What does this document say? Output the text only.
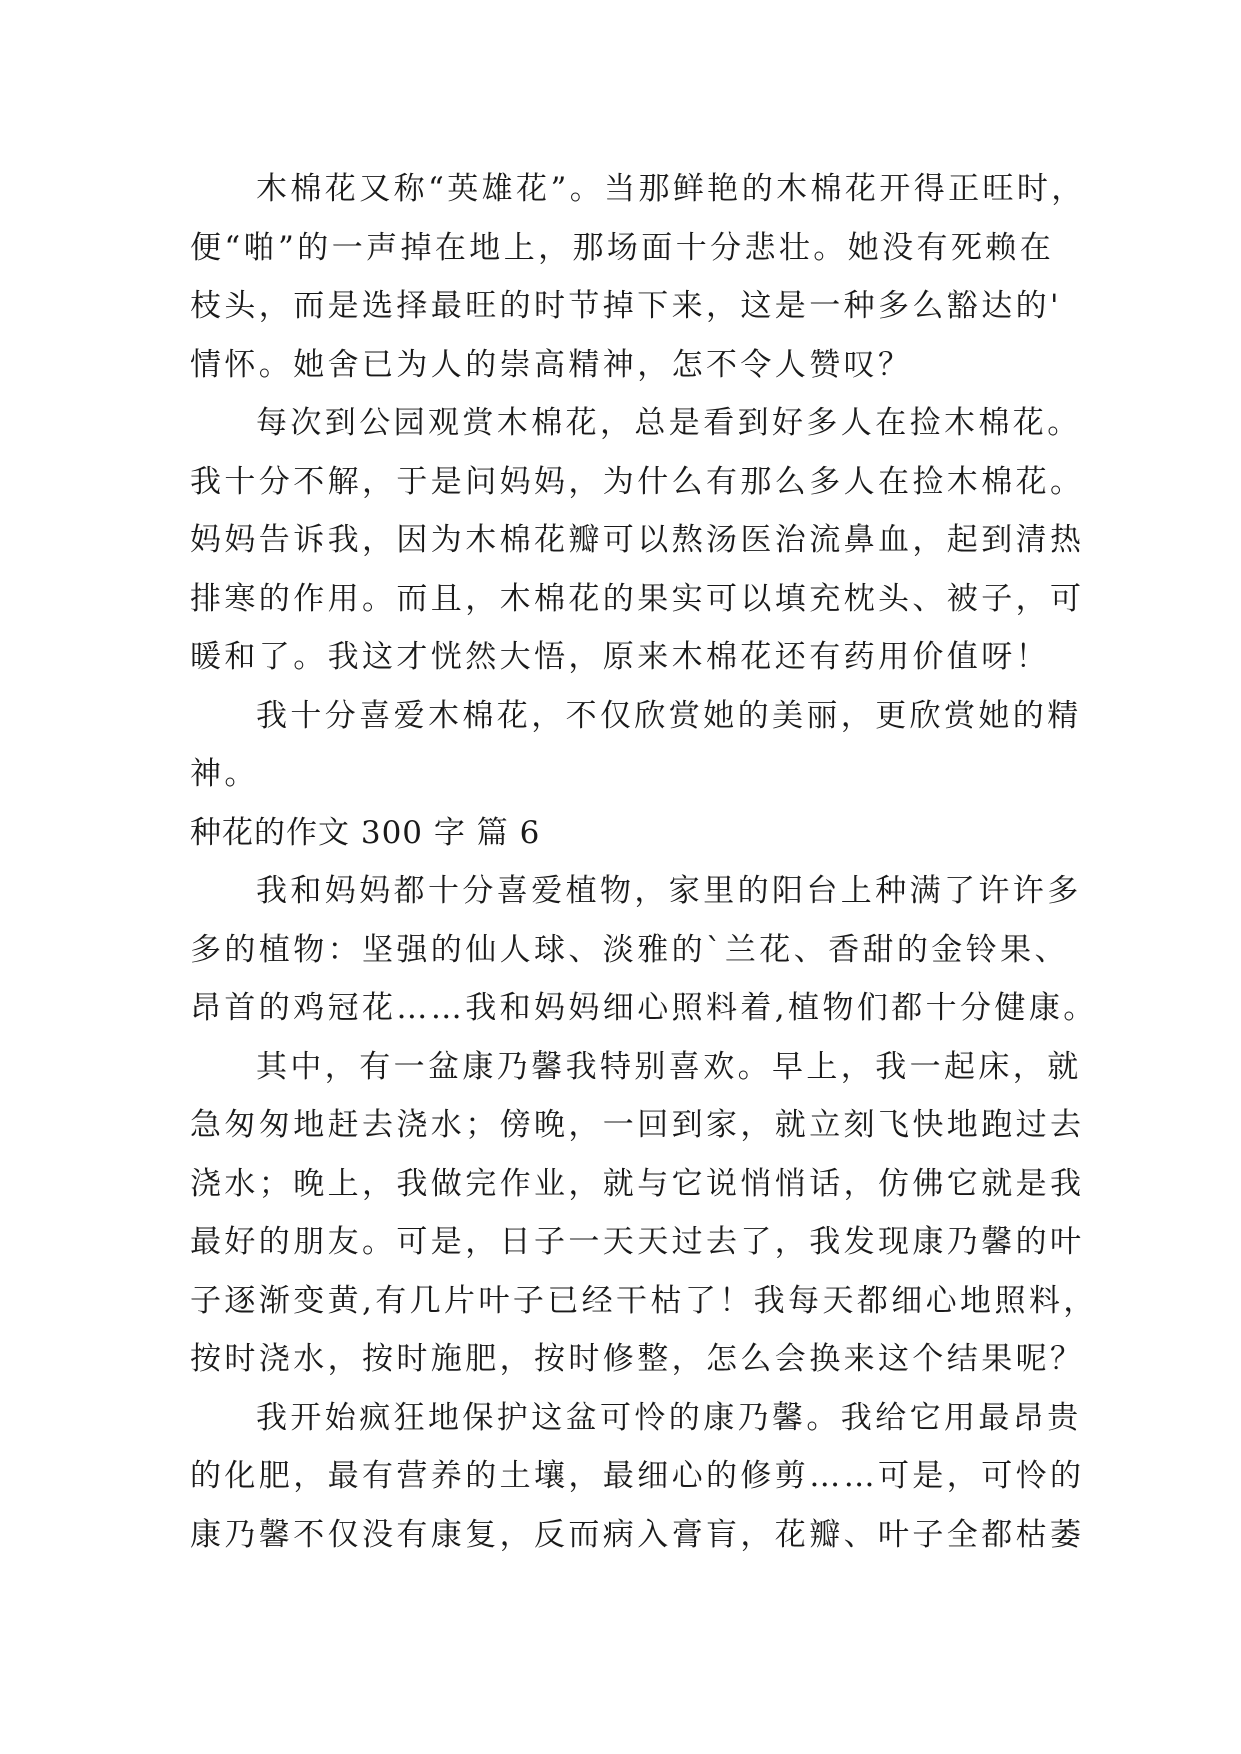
木棉花又称“英雄花”。当那鲜艳的木棉花开得正旺时，
便“啪”的一声掉在地上，那场面十分悲壮。她没有死赖在
枝头，而是选择最旺的时节掉下来，这是一种多么豁达的'
情怀。她舍已为人的崇高精神，怎不令人赞叹？
每次到公园观赏木棉花，总是看到好多人在捡木棉花。
我十分不解，于是问妈妈，为什么有那么多人在捡木棉花。
妈妈告诉我，因为木棉花瓣可以熬汤医治流鼻血，起到清热
排寒的作用。而且，木棉花的果实可以填充枕头、被子，可
暖和了。我这才恍然大悟，原来木棉花还有药用价值呀！
我十分喜爱木棉花，不仅欣赏她的美丽，更欣赏她的精
神。
种花的作文 300 字 篇 6
我和妈妈都十分喜爱植物，家里的阳台上种满了许许多
多的植物：坚强的仙人球、淡雅的`兰花、香甜的金铃果、
昂首的鸡冠花……我和妈妈细心照料着,植物们都十分健康。
其中，有一盆康乃馨我特别喜欢。早上，我一起床，就
急匆匆地赶去浇水；傍晚，一回到家，就立刻飞快地跑过去
浇水；晚上，我做完作业，就与它说悄悄话，仿佛它就是我
最好的朋友。可是，日子一天天过去了，我发现康乃馨的叶
子逐渐变黄,有几片叶子已经干枯了！我每天都细心地照料，
按时浇水，按时施肥，按时修整，怎么会换来这个结果呢？
我开始疯狂地保护这盆可怜的康乃馨。我给它用最昂贵
的化肥，最有营养的土壤，最细心的修剪……可是，可怜的
康乃馨不仅没有康复，反而病入膏肓，花瓣、叶子全都枯萎
